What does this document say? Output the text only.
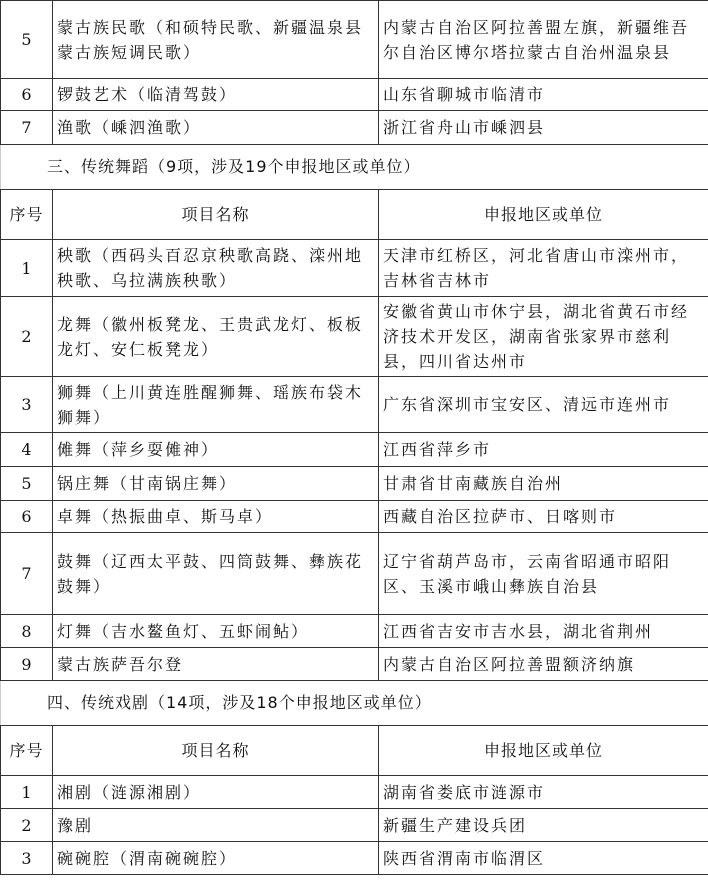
5	蒙古族民歌（和硕特民歌、新疆温泉县蒙古族短调民歌）	内蒙古自治区阿拉善盟左旗，新疆维吾尔自治区博尔塔拉蒙古自治州温泉县
6	锣鼓艺术（临清驾鼓）	山东省聊城市临清市
7	渔歌（嵊泗渔歌）	浙江省舟山市嵊泗县
三、传统舞蹈（9项，涉及19个申报地区或单位）
序号	项目名称	申报地区或单位
1	秧歌（西码头百忍京秧歌高跷、滦州地秧歌、乌拉满族秧歌）	天津市红桥区，河北省唐山市滦州市，吉林省吉林市
2	龙舞（徽州板凳龙、王贵武龙灯、板板龙灯、安仁板凳龙）	安徽省黄山市休宁县，湖北省黄石市经济技术开发区，湖南省张家界市慈利县，四川省达州市
3	狮舞（上川黄连胜醒狮舞、瑶族布袋木狮舞）	广东省深圳市宝安区、清远市连州市
4	傩舞（萍乡耍傩神）	江西省萍乡市
5	锅庄舞（甘南锅庄舞）	甘肃省甘南藏族自治州
6	卓舞（热振曲卓、斯马卓）	西藏自治区拉萨市、日喀则市
7	鼓舞（辽西太平鼓、四筒鼓舞、彝族花鼓舞）	辽宁省葫芦岛市，云南省昭通市昭阳区、玉溪市峨山彝族自治县
8	灯舞（吉水鳌鱼灯、五虾闹鲇）	江西省吉安市吉水县，湖北省荆州
9	蒙古族萨吾尔登	内蒙古自治区阿拉善盟额济纳旗
四、传统戏剧（14项，涉及18个申报地区或单位）
序号	项目名称	申报地区或单位
1	湘剧（涟源湘剧）	湖南省娄底市涟源市
2	豫剧	新疆生产建设兵团
3	碗碗腔（渭南碗碗腔）	陕西省渭南市临渭区
